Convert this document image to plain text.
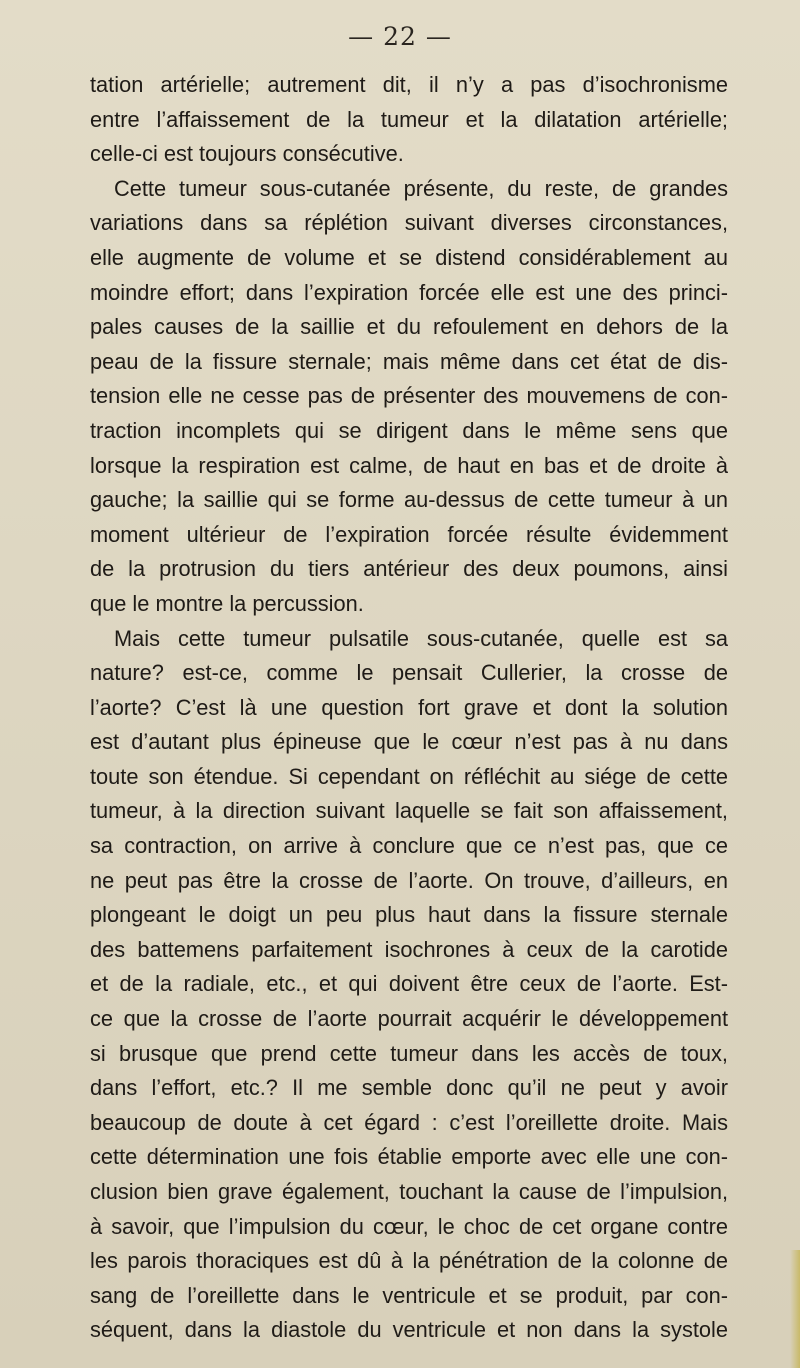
— 22 —
tation artérielle; autrement dit, il n’y a pas d’isochronisme
entre l’affaissement de la tumeur et la dilatation artérielle;
celle-ci est toujours consécutive.
Cette tumeur sous-cutanée présente, du reste, de grandes
variations dans sa réplétion suivant diverses circonstances,
elle augmente de volume et se distend considérablement au
moindre effort; dans l’expiration forcée elle est une des princi-
pales causes de la saillie et du refoulement en dehors de la
peau de la fissure sternale; mais même dans cet état de dis-
tension elle ne cesse pas de présenter des mouvemens de con-
traction incomplets qui se dirigent dans le même sens que
lorsque la respiration est calme, de haut en bas et de droite à
gauche; la saillie qui se forme au-dessus de cette tumeur à un
moment ultérieur de l’expiration forcée résulte évidemment
de la protrusion du tiers antérieur des deux poumons, ainsi
que le montre la percussion.
Mais cette tumeur pulsatile sous-cutanée, quelle est sa
nature? est-ce, comme le pensait Cullerier, la crosse de
l’aorte? C’est là une question fort grave et dont la solution
est d’autant plus épineuse que le cœur n’est pas à nu dans
toute son étendue. Si cependant on réfléchit au siége de cette
tumeur, à la direction suivant laquelle se fait son affaissement,
sa contraction, on arrive à conclure que ce n’est pas, que ce
ne peut pas être la crosse de l’aorte. On trouve, d’ailleurs, en
plongeant le doigt un peu plus haut dans la fissure sternale
des battemens parfaitement isochrones à ceux de la carotide
et de la radiale, etc., et qui doivent être ceux de l’aorte. Est-
ce que la crosse de l’aorte pourrait acquérir le développement
si brusque que prend cette tumeur dans les accès de toux,
dans l’effort, etc.? Il me semble donc qu’il ne peut y avoir
beaucoup de doute à cet égard : c’est l’oreillette droite. Mais
cette détermination une fois établie emporte avec elle une con-
clusion bien grave également, touchant la cause de l’impulsion,
à savoir, que l’impulsion du cœur, le choc de cet organe contre
les parois thoraciques est dû à la pénétration de la colonne de
sang de l’oreillette dans le ventricule et se produit, par con-
séquent, dans la diastole du ventricule et non dans la systole
